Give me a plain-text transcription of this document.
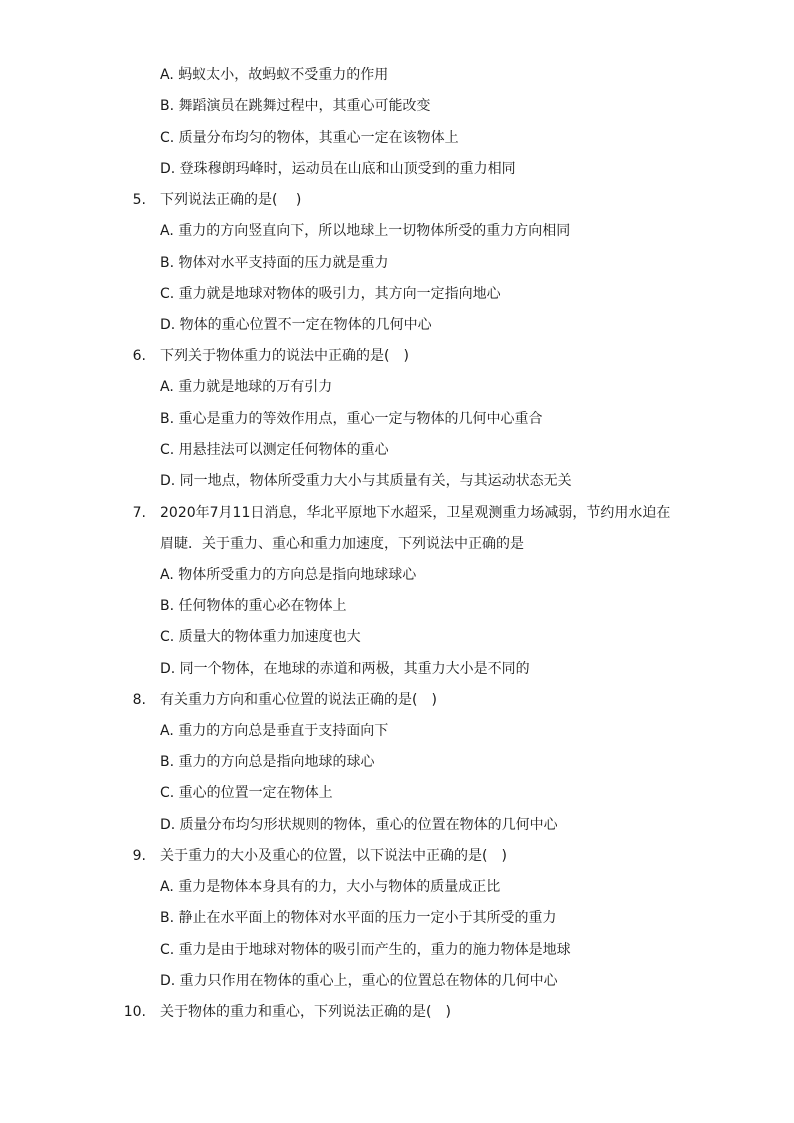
A. 蚂蚁太小，故蚂蚁不受重力的作用
B. 舞蹈演员在跳舞过程中，其重心可能改变
C. 质量分布均匀的物体，其重心一定在该物体上
D. 登珠穆朗玛峰时，运动员在山底和山顶受到的重力相同
5. 下列说法正确的是(　 )
A. 重力的方向竖直向下，所以地球上一切物体所受的重力方向相同
B. 物体对水平支持面的压力就是重力
C. 重力就是地球对物体的吸引力，其方向一定指向地心
D. 物体的重心位置不一定在物体的几何中心
6. 下列关于物体重力的说法中正确的是(　)
A. 重力就是地球的万有引力
B. 重心是重力的等效作用点，重心一定与物体的几何中心重合
C. 用悬挂法可以测定任何物体的重心
D. 同一地点，物体所受重力大小与其质量有关，与其运动状态无关
7. 2020年7月11日消息，华北平原地下水超采，卫星观测重力场减弱，节约用水迫在
眉睫．关于重力、重心和重力加速度，下列说法中正确的是
A. 物体所受重力的方向总是指向地球球心
B. 任何物体的重心必在物体上
C. 质量大的物体重力加速度也大
D. 同一个物体，在地球的赤道和两极，其重力大小是不同的
8. 有关重力方向和重心位置的说法正确的是(　)
A. 重力的方向总是垂直于支持面向下
B. 重力的方向总是指向地球的球心
C. 重心的位置一定在物体上
D. 质量分布均匀形状规则的物体，重心的位置在物体的几何中心
9. 关于重力的大小及重心的位置，以下说法中正确的是(　)
A. 重力是物体本身具有的力，大小与物体的质量成正比
B. 静止在水平面上的物体对水平面的压力一定小于其所受的重力
C. 重力是由于地球对物体的吸引而产生的，重力的施力物体是地球
D. 重力只作用在物体的重心上，重心的位置总在物体的几何中心
10. 关于物体的重力和重心，下列说法正确的是(　)
